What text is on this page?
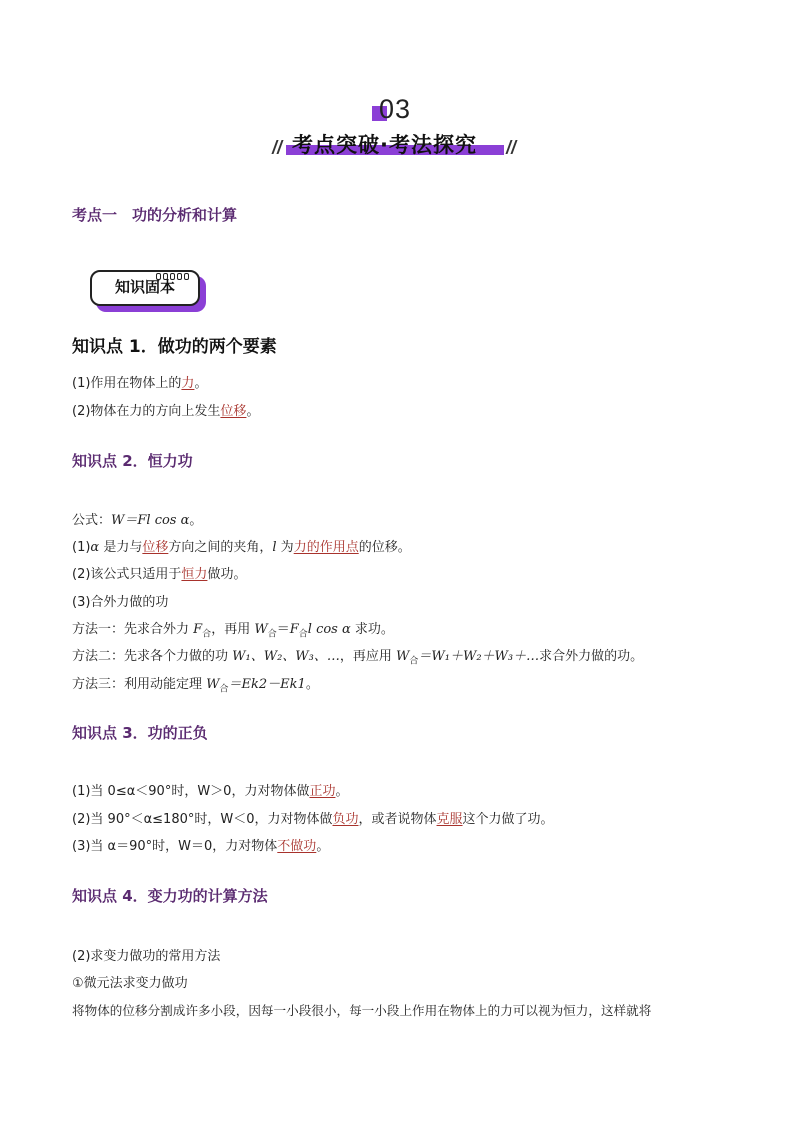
03
考点突破·考法探究
考点一　功的分析和计算
知识固本
知识点 1．做功的两个要素
(1)作用在物体上的力。
(2)物体在力的方向上发生位移。
知识点 2．恒力功
公式：W＝Fl cos α。
(1)α 是力与位移方向之间的夹角，l 为力的作用点的位移。
(2)该公式只适用于恒力做功。
(3)合外力做的功
方法一：先求合外力 $F_合$，再用 $W_合=F_合l$ cos α 求功。
方法二：先求各个力做的功 W₁、W₂、W₃、…，再应用 $W_合=W_1+W_2+W_3+\dots$求合外力做的功。
方法三：利用动能定理 $W_合=Ek2-Ek1$。
知识点 3．功的正负
(1)当 0≤α＜90°时，W＞0，力对物体做正功。
(2)当 90°＜α≤180°时，W＜0，力对物体做负功，或者说物体克服这个力做了功。
(3)当 α＝90°时，W＝0，力对物体不做功。
知识点 4．变力功的计算方法
(2)求变力做功的常用方法
①微元法求变力做功
将物体的位移分割成许多小段，因每一小段很小，每一小段上作用在物体上的力可以视为恒力，这样就将
